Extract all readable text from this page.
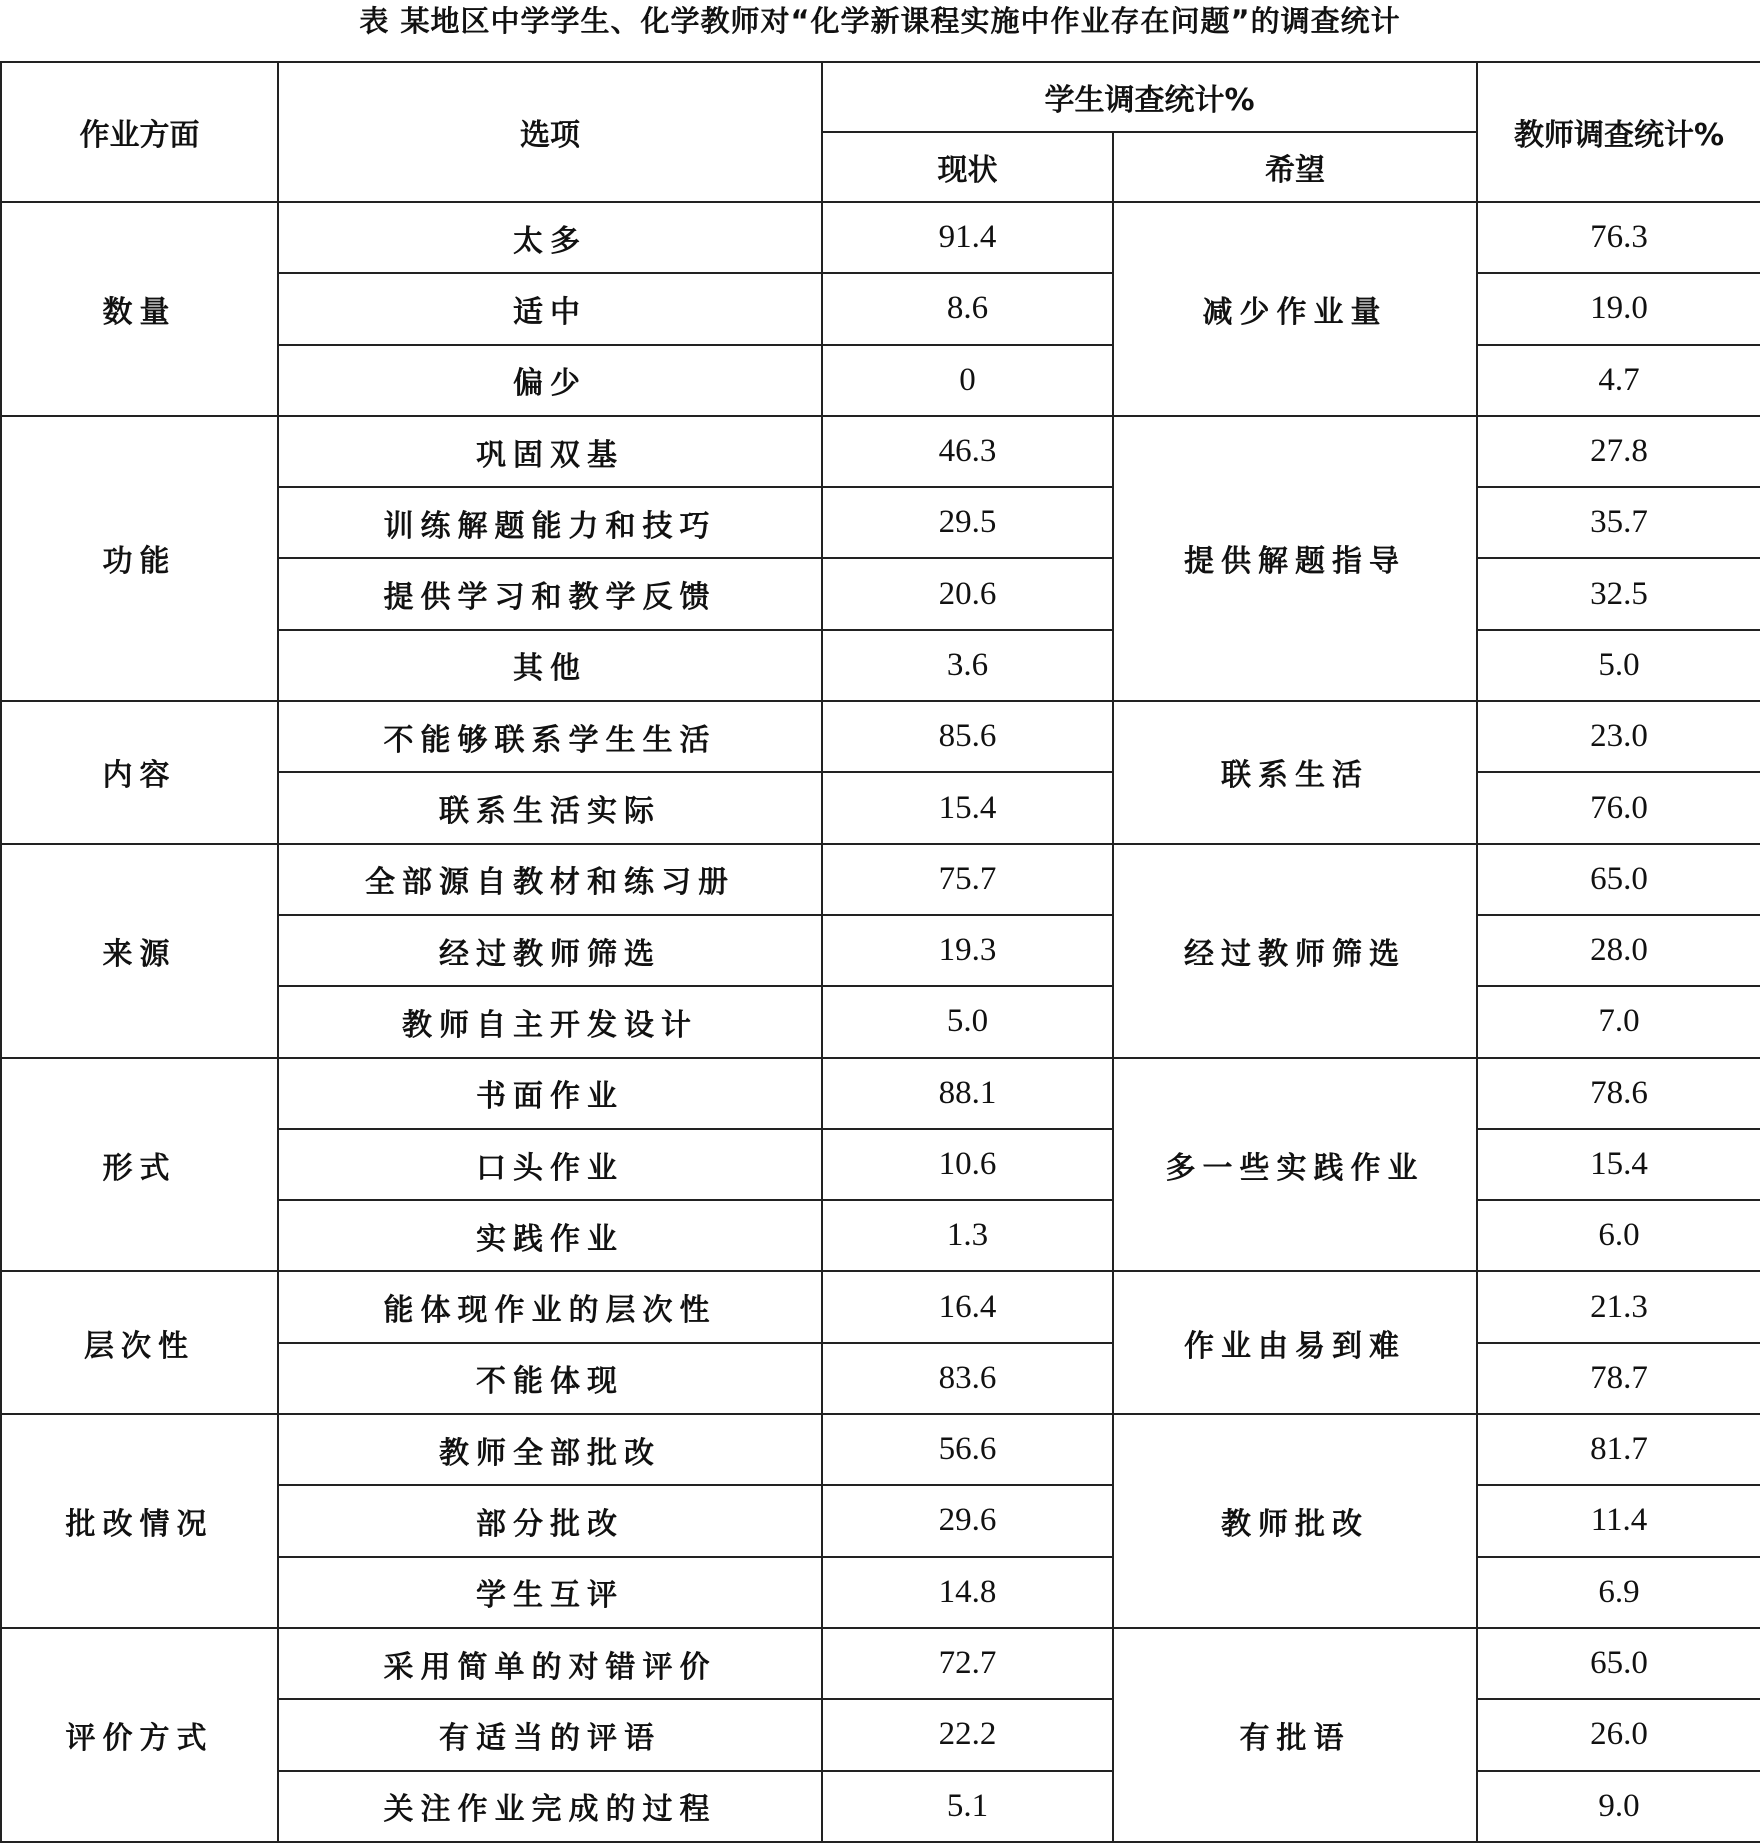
表 某地区中学学生、化学教师对“化学新课程实施中作业存在问题”的调查统计
作业方面	选项	学生调查统计%		教师调查统计%
		现状	希望	
数量	太多	91.4	减少作业量	76.3
	适中	8.6		19.0
	偏少	0		4.7
功能	巩固双基	46.3	提供解题指导	27.8
	训练解题能力和技巧	29.5		35.7
	提供学习和教学反馈	20.6		32.5
	其他	3.6		5.0
内容	不能够联系学生生活	85.6	联系生活	23.0
	联系生活实际	15.4		76.0
来源	全部源自教材和练习册	75.7	经过教师筛选	65.0
	经过教师筛选	19.3		28.0
	教师自主开发设计	5.0		7.0
形式	书面作业	88.1	多一些实践作业	78.6
	口头作业	10.6		15.4
	实践作业	1.3		6.0
层次性	能体现作业的层次性	16.4	作业由易到难	21.3
	不能体现	83.6		78.7
批改情况	教师全部批改	56.6	教师批改	81.7
	部分批改	29.6		11.4
	学生互评	14.8		6.9
评价方式	采用简单的对错评价	72.7	有批语	65.0
	有适当的评语	22.2		26.0
	关注作业完成的过程	5.1		9.0
